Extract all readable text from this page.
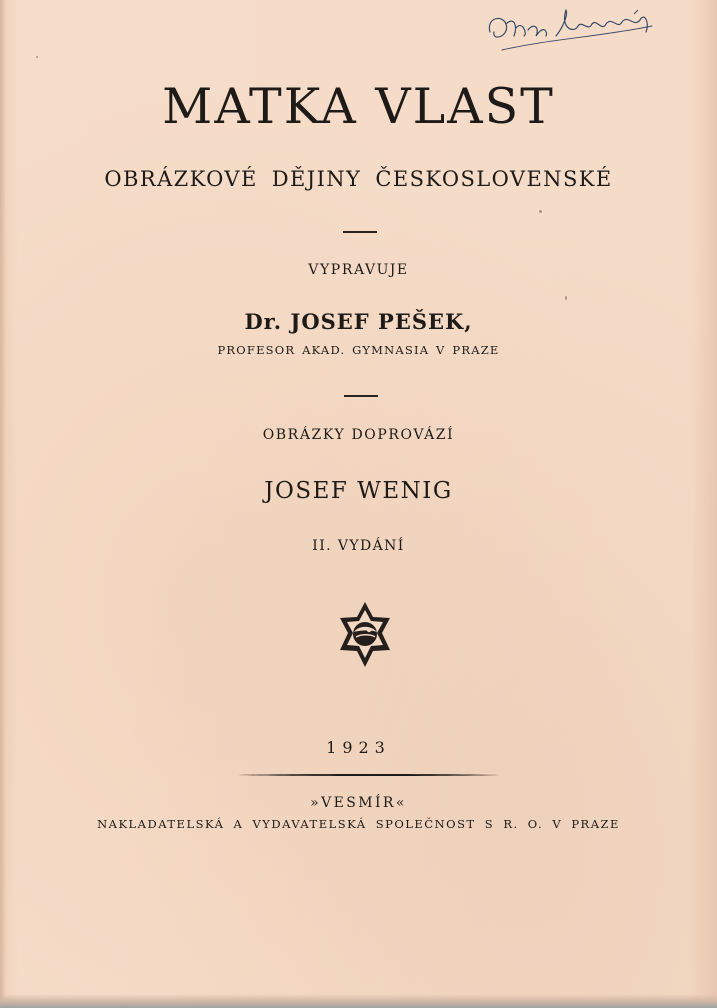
MATKA VLAST
OBRÁZKOVÉ DĚJINY ČESKOSLOVENSKÉ
VYPRAVUJE
Dr. JOSEF PEŠEK,
PROFESOR AKAD. GYMNASIA V PRAZE
OBRÁZKY DOPROVÁZÍ
JOSEF WENIG
II. VYDÁNÍ
1923
»VESMÍR«
NAKLADATELSKÁ A VYDAVATELSKÁ SPOLEČNOST S R. O. V PRAZE
